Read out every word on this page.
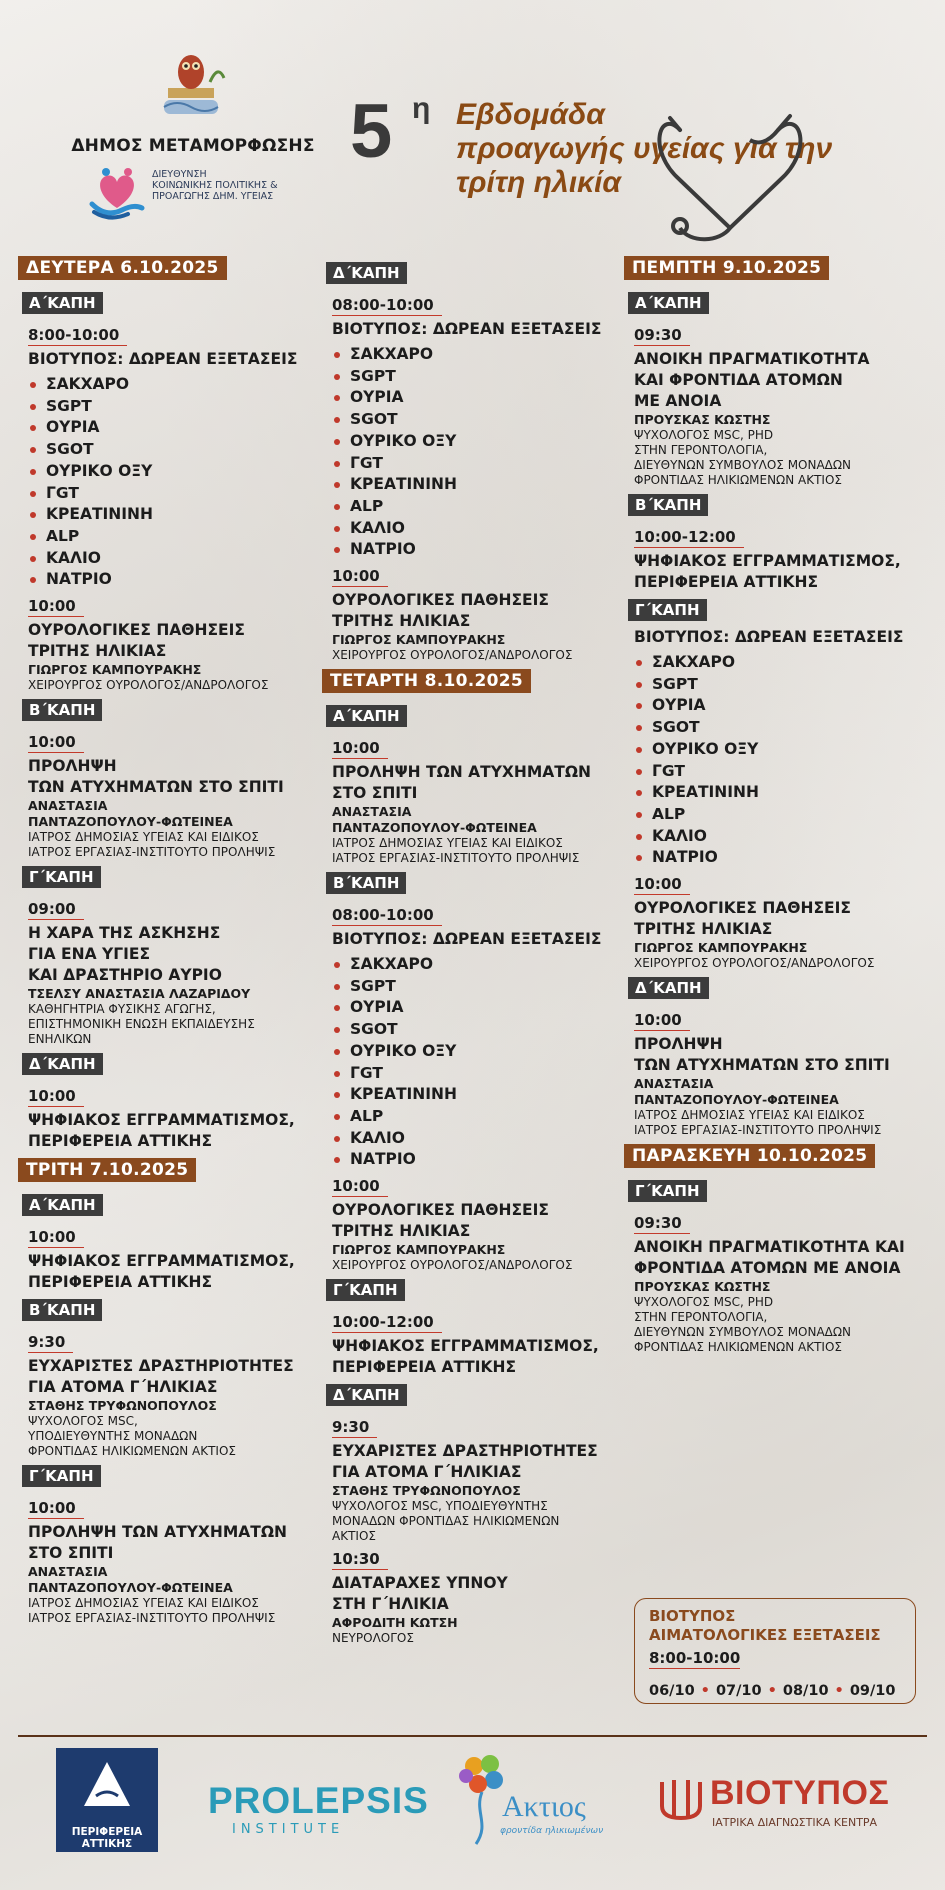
ΔΗΜΟΣ ΜΕΤΑΜΟΡΦΩΣΗΣ
ΔΙΕΥΘΥΝΣΗ
ΚΟΙΝΩΝΙΚΗΣ ΠΟΛΙΤΙΚΗΣ &
ΠΡΟΑΓΩΓΗΣ ΔΗΜ. ΥΓΕΙΑΣ
5 η Εβδομάδα
προαγωγής υγείας για την
τρίτη ηλικία
ΔΕΥΤΕΡΑ 6.10.2025
Α΄ΚΑΠΗ
8:00-10:00
ΒΙΟΤΥΠΟΣ: ΔΩΡΕΑΝ ΕΞΕΤΑΣΕΙΣ
ΣΑΚΧΑΡΟ
SGPT
ΟΥΡΙΑ
SGOT
ΟΥΡΙΚΟ ΟΞΥ
ΓGT
ΚΡΕΑΤΙΝΙΝΗ
ALP
ΚΑΛΙΟ
ΝΑΤΡΙΟ
10:00
ΟΥΡΟΛΟΓΙΚΕΣ ΠΑΘΗΣΕΙΣ
ΤΡΙΤΗΣ ΗΛΙΚΙΑΣ
ΓΙΩΡΓΟΣ ΚΑΜΠΟΥΡΑΚΗΣ
ΧΕΙΡΟΥΡΓΟΣ ΟΥΡΟΛΟΓΟΣ/ΑΝΔΡΟΛΟΓΟΣ
Β΄ΚΑΠΗ
10:00
ΠΡΟΛΗΨΗ
ΤΩΝ ΑΤΥΧΗΜΑΤΩΝ ΣΤΟ ΣΠΙΤΙ
ΑΝΑΣΤΑΣΙΑ
ΠΑΝΤΑΖΟΠΟΥΛΟΥ-ΦΩΤΕΙΝΕΑ
ΙΑΤΡΟΣ ΔΗΜΟΣΙΑΣ ΥΓΕΙΑΣ ΚΑΙ ΕΙΔΙΚΟΣ
ΙΑΤΡΟΣ ΕΡΓΑΣΙΑΣ-ΙΝΣΤΙΤΟΥΤΟ ΠΡΟΛΗΨΙΣ
Γ΄ΚΑΠΗ
09:00
Η ΧΑΡΑ ΤΗΣ ΑΣΚΗΣΗΣ
ΓΙΑ ΕΝΑ ΥΓΙΕΣ
ΚΑΙ ΔΡΑΣΤΗΡΙΟ ΑΥΡΙΟ
ΤΣΕΛΣΥ ΑΝΑΣΤΑΣΙΑ ΛΑΖΑΡΙΔΟΥ
ΚΑΘΗΓΗΤΡΙΑ ΦΥΣΙΚΗΣ ΑΓΩΓΗΣ,
ΕΠΙΣΤΗΜΟΝΙΚΗ ΕΝΩΣΗ ΕΚΠΑΙΔΕΥΣΗΣ
ΕΝΗΛΙΚΩΝ
Δ΄ΚΑΠΗ
10:00
ΨΗΦΙΑΚΟΣ ΕΓΓΡΑΜΜΑΤΙΣΜΟΣ,
ΠΕΡΙΦΕΡΕΙΑ ΑΤΤΙΚΗΣ
ΤΡΙΤΗ 7.10.2025
Α΄ΚΑΠΗ
10:00
ΨΗΦΙΑΚΟΣ ΕΓΓΡΑΜΜΑΤΙΣΜΟΣ,
ΠΕΡΙΦΕΡΕΙΑ ΑΤΤΙΚΗΣ
Β΄ΚΑΠΗ
9:30
ΕΥΧΑΡΙΣΤΕΣ ΔΡΑΣΤΗΡΙΟΤΗΤΕΣ
ΓΙΑ ΑΤΟΜΑ Γ΄ΗΛΙΚΙΑΣ
ΣΤΑΘΗΣ ΤΡΥΦΩΝΟΠΟΥΛΟΣ
ΨΥΧΟΛΟΓΟΣ MSC,
ΥΠΟΔΙΕΥΘΥΝΤΗΣ ΜΟΝΑΔΩΝ
ΦΡΟΝΤΙΔΑΣ ΗΛΙΚΙΩΜΕΝΩΝ ΑΚΤΙΟΣ
Γ΄ΚΑΠΗ
10:00
ΠΡΟΛΗΨΗ ΤΩΝ ΑΤΥΧΗΜΑΤΩΝ
ΣΤΟ ΣΠΙΤΙ
ΑΝΑΣΤΑΣΙΑ
ΠΑΝΤΑΖΟΠΟΥΛΟΥ-ΦΩΤΕΙΝΕΑ
ΙΑΤΡΟΣ ΔΗΜΟΣΙΑΣ ΥΓΕΙΑΣ ΚΑΙ ΕΙΔΙΚΟΣ
ΙΑΤΡΟΣ ΕΡΓΑΣΙΑΣ-ΙΝΣΤΙΤΟΥΤΟ ΠΡΟΛΗΨΙΣ
Δ΄ΚΑΠΗ
08:00-10:00
ΒΙΟΤΥΠΟΣ: ΔΩΡΕΑΝ ΕΞΕΤΑΣΕΙΣ
ΣΑΚΧΑΡΟ
SGPT
ΟΥΡΙΑ
SGOT
ΟΥΡΙΚΟ ΟΞΥ
ΓGT
ΚΡΕΑΤΙΝΙΝΗ
ALP
ΚΑΛΙΟ
ΝΑΤΡΙΟ
10:00
ΟΥΡΟΛΟΓΙΚΕΣ ΠΑΘΗΣΕΙΣ
ΤΡΙΤΗΣ ΗΛΙΚΙΑΣ
ΓΙΩΡΓΟΣ ΚΑΜΠΟΥΡΑΚΗΣ
ΧΕΙΡΟΥΡΓΟΣ ΟΥΡΟΛΟΓΟΣ/ΑΝΔΡΟΛΟΓΟΣ
ΤΕΤΑΡΤΗ 8.10.2025
Α΄ΚΑΠΗ
10:00
ΠΡΟΛΗΨΗ ΤΩΝ ΑΤΥΧΗΜΑΤΩΝ
ΣΤΟ ΣΠΙΤΙ
ΑΝΑΣΤΑΣΙΑ
ΠΑΝΤΑΖΟΠΟΥΛΟΥ-ΦΩΤΕΙΝΕΑ
ΙΑΤΡΟΣ ΔΗΜΟΣΙΑΣ ΥΓΕΙΑΣ ΚΑΙ ΕΙΔΙΚΟΣ
ΙΑΤΡΟΣ ΕΡΓΑΣΙΑΣ-ΙΝΣΤΙΤΟΥΤΟ ΠΡΟΛΗΨΙΣ
Β΄ΚΑΠΗ
08:00-10:00
ΒΙΟΤΥΠΟΣ: ΔΩΡΕΑΝ ΕΞΕΤΑΣΕΙΣ
ΣΑΚΧΑΡΟ
SGPT
ΟΥΡΙΑ
SGOT
ΟΥΡΙΚΟ ΟΞΥ
ΓGT
ΚΡΕΑΤΙΝΙΝΗ
ALP
ΚΑΛΙΟ
ΝΑΤΡΙΟ
10:00
ΟΥΡΟΛΟΓΙΚΕΣ ΠΑΘΗΣΕΙΣ
ΤΡΙΤΗΣ ΗΛΙΚΙΑΣ
ΓΙΩΡΓΟΣ ΚΑΜΠΟΥΡΑΚΗΣ
ΧΕΙΡΟΥΡΓΟΣ ΟΥΡΟΛΟΓΟΣ/ΑΝΔΡΟΛΟΓΟΣ
Γ΄ΚΑΠΗ
10:00-12:00
ΨΗΦΙΑΚΟΣ ΕΓΓΡΑΜΜΑΤΙΣΜΟΣ,
ΠΕΡΙΦΕΡΕΙΑ ΑΤΤΙΚΗΣ
Δ΄ΚΑΠΗ
9:30
ΕΥΧΑΡΙΣΤΕΣ ΔΡΑΣΤΗΡΙΟΤΗΤΕΣ
ΓΙΑ ΑΤΟΜΑ Γ΄ΗΛΙΚΙΑΣ
ΣΤΑΘΗΣ ΤΡΥΦΩΝΟΠΟΥΛΟΣ
ΨΥΧΟΛΟΓΟΣ MSC, ΥΠΟΔΙΕΥΘΥΝΤΗΣ
ΜΟΝΑΔΩΝ ΦΡΟΝΤΙΔΑΣ ΗΛΙΚΙΩΜΕΝΩΝ
ΑΚΤΙΟΣ
10:30
ΔΙΑΤΑΡΑΧΕΣ ΥΠΝΟΥ
ΣΤΗ Γ΄ΗΛΙΚΙΑ
ΑΦΡΟΔΙΤΗ ΚΩΤΣΗ
ΝΕΥΡΟΛΟΓΟΣ
ΠΕΜΠΤΗ 9.10.2025
Α΄ΚΑΠΗ
09:30
ΑΝΟΙΚΗ ΠΡΑΓΜΑΤΙΚΟΤΗΤΑ
ΚΑΙ ΦΡΟΝΤΙΔΑ ΑΤΟΜΩΝ
ΜΕ ΑΝΟΙΑ
ΠΡΟΥΣΚΑΣ ΚΩΣΤΗΣ
ΨΥΧΟΛΟΓΟΣ MSC, PHD
ΣΤΗΝ ΓΕΡΟΝΤΟΛΟΓΙΑ,
ΔΙΕΥΘΥΝΩΝ ΣΥΜΒΟΥΛΟΣ ΜΟΝΑΔΩΝ
ΦΡΟΝΤΙΔΑΣ ΗΛΙΚΙΩΜΕΝΩΝ ΑΚΤΙΟΣ
Β΄ΚΑΠΗ
10:00-12:00
ΨΗΦΙΑΚΟΣ ΕΓΓΡΑΜΜΑΤΙΣΜΟΣ,
ΠΕΡΙΦΕΡΕΙΑ ΑΤΤΙΚΗΣ
Γ΄ΚΑΠΗ
ΒΙΟΤΥΠΟΣ: ΔΩΡΕΑΝ ΕΞΕΤΑΣΕΙΣ
ΣΑΚΧΑΡΟ
SGPT
ΟΥΡΙΑ
SGOT
ΟΥΡΙΚΟ ΟΞΥ
ΓGT
ΚΡΕΑΤΙΝΙΝΗ
ALP
ΚΑΛΙΟ
ΝΑΤΡΙΟ
10:00
ΟΥΡΟΛΟΓΙΚΕΣ ΠΑΘΗΣΕΙΣ
ΤΡΙΤΗΣ ΗΛΙΚΙΑΣ
ΓΙΩΡΓΟΣ ΚΑΜΠΟΥΡΑΚΗΣ
ΧΕΙΡΟΥΡΓΟΣ ΟΥΡΟΛΟΓΟΣ/ΑΝΔΡΟΛΟΓΟΣ
Δ΄ΚΑΠΗ
10:00
ΠΡΟΛΗΨΗ
ΤΩΝ ΑΤΥΧΗΜΑΤΩΝ ΣΤΟ ΣΠΙΤΙ
ΑΝΑΣΤΑΣΙΑ
ΠΑΝΤΑΖΟΠΟΥΛΟΥ-ΦΩΤΕΙΝΕΑ
ΙΑΤΡΟΣ ΔΗΜΟΣΙΑΣ ΥΓΕΙΑΣ ΚΑΙ ΕΙΔΙΚΟΣ
ΙΑΤΡΟΣ ΕΡΓΑΣΙΑΣ-ΙΝΣΤΙΤΟΥΤΟ ΠΡΟΛΗΨΙΣ
ΠΑΡΑΣΚΕΥΗ 10.10.2025
Γ΄ΚΑΠΗ
09:30
ΑΝΟΙΚΗ ΠΡΑΓΜΑΤΙΚΟΤΗΤΑ ΚΑΙ
ΦΡΟΝΤΙΔΑ ΑΤΟΜΩΝ ΜΕ ΑΝΟΙΑ
ΠΡΟΥΣΚΑΣ ΚΩΣΤΗΣ
ΨΥΧΟΛΟΓΟΣ MSC, PHD
ΣΤΗΝ ΓΕΡΟΝΤΟΛΟΓΙΑ,
ΔΙΕΥΘΥΝΩΝ ΣΥΜΒΟΥΛΟΣ ΜΟΝΑΔΩΝ
ΦΡΟΝΤΙΔΑΣ ΗΛΙΚΙΩΜΕΝΩΝ ΑΚΤΙΟΣ
ΒΙΟΤΥΠΟΣ
ΑΙΜΑΤΟΛΟΓΙΚΕΣ ΕΞΕΤΑΣΕΙΣ
8:00-10:00
06/10 • 07/10 • 08/10 • 09/10
ΠΕΡΙΦΕΡΕΙΑ
ΑΤΤΙΚΗΣ
PROLEPSIS
INSTITUTE
Ακτιος
φροντίδα ηλικιωμένων
ΒΙΟΤΥΠΟΣ
ΙΑΤΡΙΚΑ ΔΙΑΓΝΩΣΤΙΚΑ ΚΕΝΤΡΑ
